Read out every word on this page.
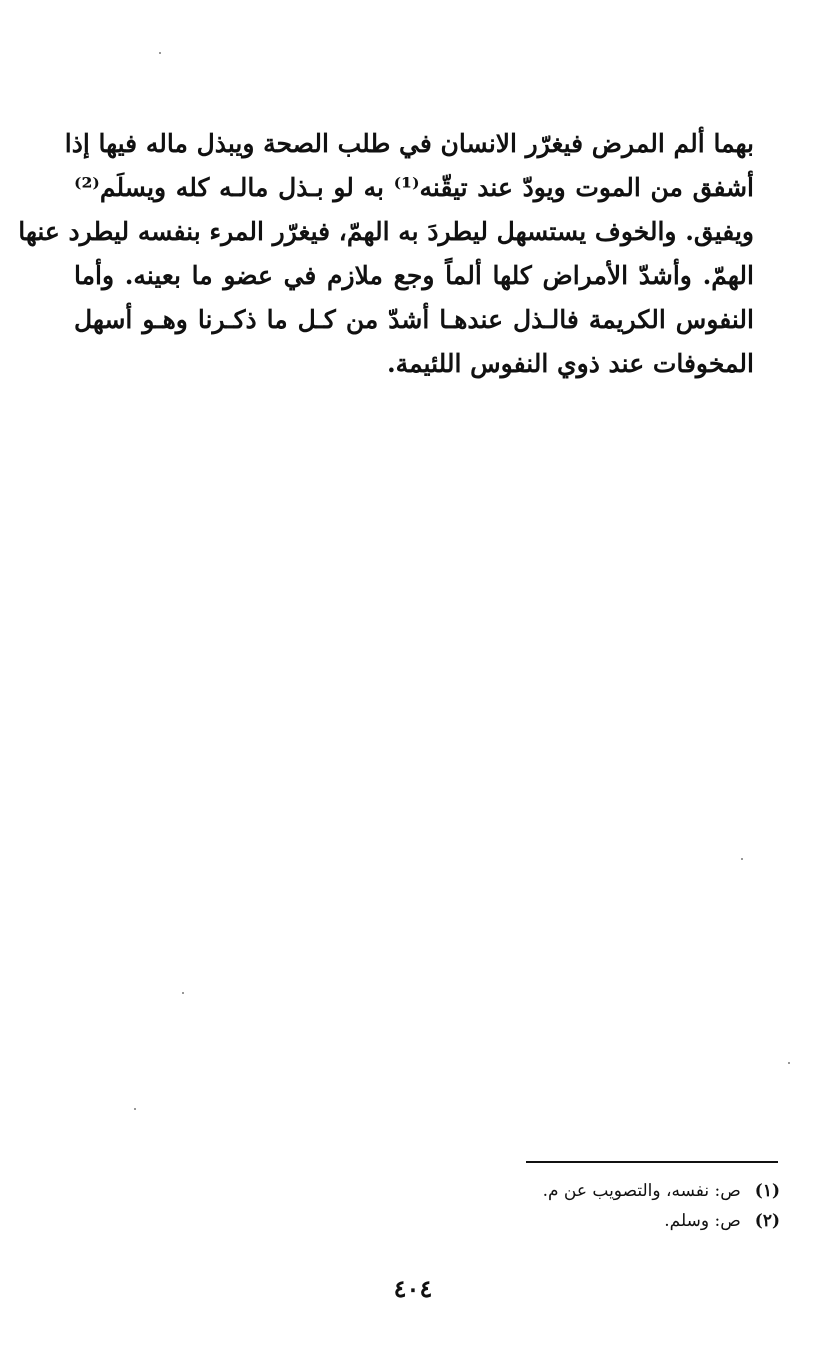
بهما ألم المرض فيغرّر الانسان في طلب الصحة ويبذل ماله فيها إذا
أشفق من الموت ويودّ عند تيقّنه⁽¹⁾ به لو بـذل مالـه كله ويسلَم⁽²⁾
ويفيق. والخوف يستسهل ليطردَ به الهمّ، فيغرّر المرء بنفسه ليطرد عنها
الهمّ. وأشدّ الأمراض كلها ألماً وجع ملازم في عضو ما بعينه. وأما
النفوس الكريمة فالـذل عندهـا أشدّ من كـل ما ذكـرنا وهـو أسهل
المخوفات عند ذوي النفوس اللئيمة.
(١)ص: نفسه، والتصويب عن م.
(٢)ص: وسلم.
٤٠٤
